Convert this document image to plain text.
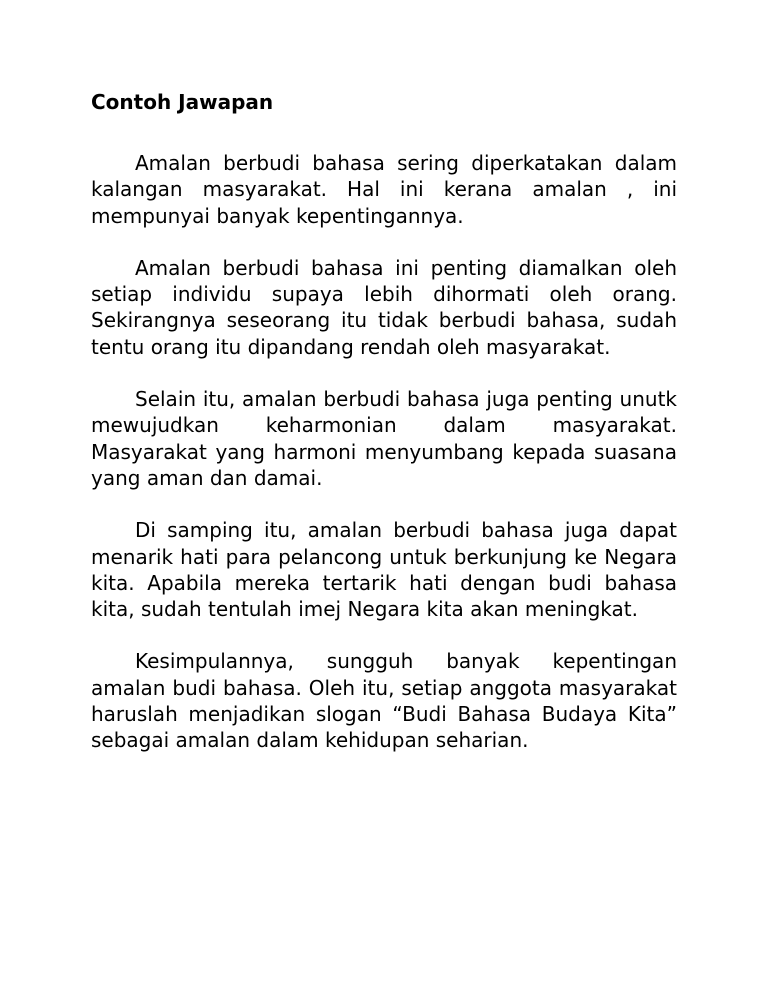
Contoh Jawapan

Amalan berbudi bahasa sering diperkatakan dalam kalangan masyarakat. Hal ini kerana amalan , ini mempunyai banyak kepentingannya.

Amalan berbudi bahasa ini penting diamalkan oleh setiap individu supaya lebih dihormati oleh orang. Sekirangnya seseorang itu tidak berbudi bahasa, sudah tentu orang itu dipandang rendah oleh masyarakat.

Selain itu, amalan berbudi bahasa juga penting unutk mewujudkan keharmonian dalam masyarakat. Masyarakat yang harmoni menyumbang kepada suasana yang aman dan damai.

Di samping itu, amalan berbudi bahasa juga dapat menarik hati para pelancong untuk berkunjung ke Negara kita. Apabila mereka tertarik hati dengan budi bahasa kita, sudah tentulah imej Negara kita akan meningkat.

Kesimpulannya, sungguh banyak kepentingan amalan budi bahasa. Oleh itu, setiap anggota masyarakat haruslah menjadikan slogan “Budi Bahasa Budaya Kita” sebagai amalan dalam kehidupan seharian.
